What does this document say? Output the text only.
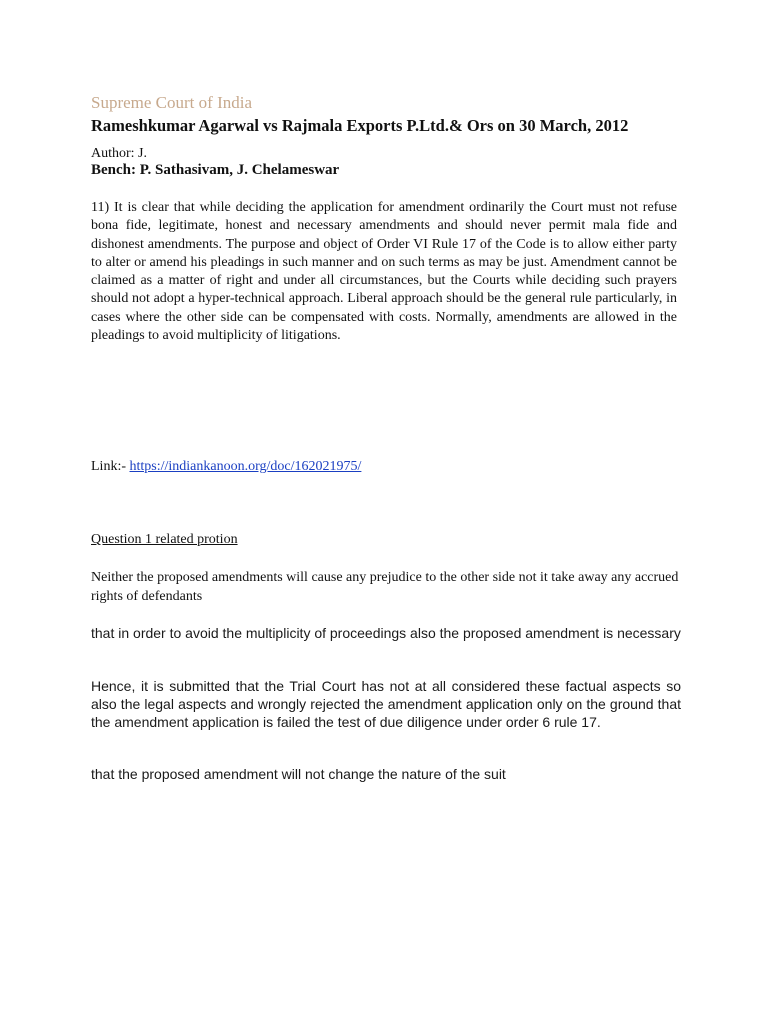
Supreme Court of India
Rameshkumar Agarwal vs Rajmala Exports P.Ltd.& Ors on 30 March, 2012
Author: J.
Bench: P. Sathasivam, J. Chelameswar
11) It is clear that while deciding the application for amendment ordinarily the Court must not refuse bona fide, legitimate, honest and necessary amendments and should never permit mala fide and dishonest amendments. The purpose and object of Order VI Rule 17 of the Code is to allow either party to alter or amend his pleadings in such manner and on such terms as may be just. Amendment cannot be claimed as a matter of right and under all circumstances, but the Courts while deciding such prayers should not adopt a hyper-technical approach. Liberal approach should be the general rule particularly, in cases where the other side can be compensated with costs. Normally, amendments are allowed in the pleadings to avoid multiplicity of litigations.
Link:- https://indiankanoon.org/doc/162021975/
Question 1 related protion
Neither the proposed amendments will cause any prejudice to the other side not it take away any accrued rights of defendants
that in order to avoid the multiplicity of proceedings also the proposed amendment is necessary
Hence, it is submitted that the Trial Court has not at all considered these factual aspects so also the legal aspects and wrongly rejected the amendment application only on the ground that the amendment application is failed the test of due diligence under order 6 rule 17.
that the proposed amendment will not change the nature of the suit
